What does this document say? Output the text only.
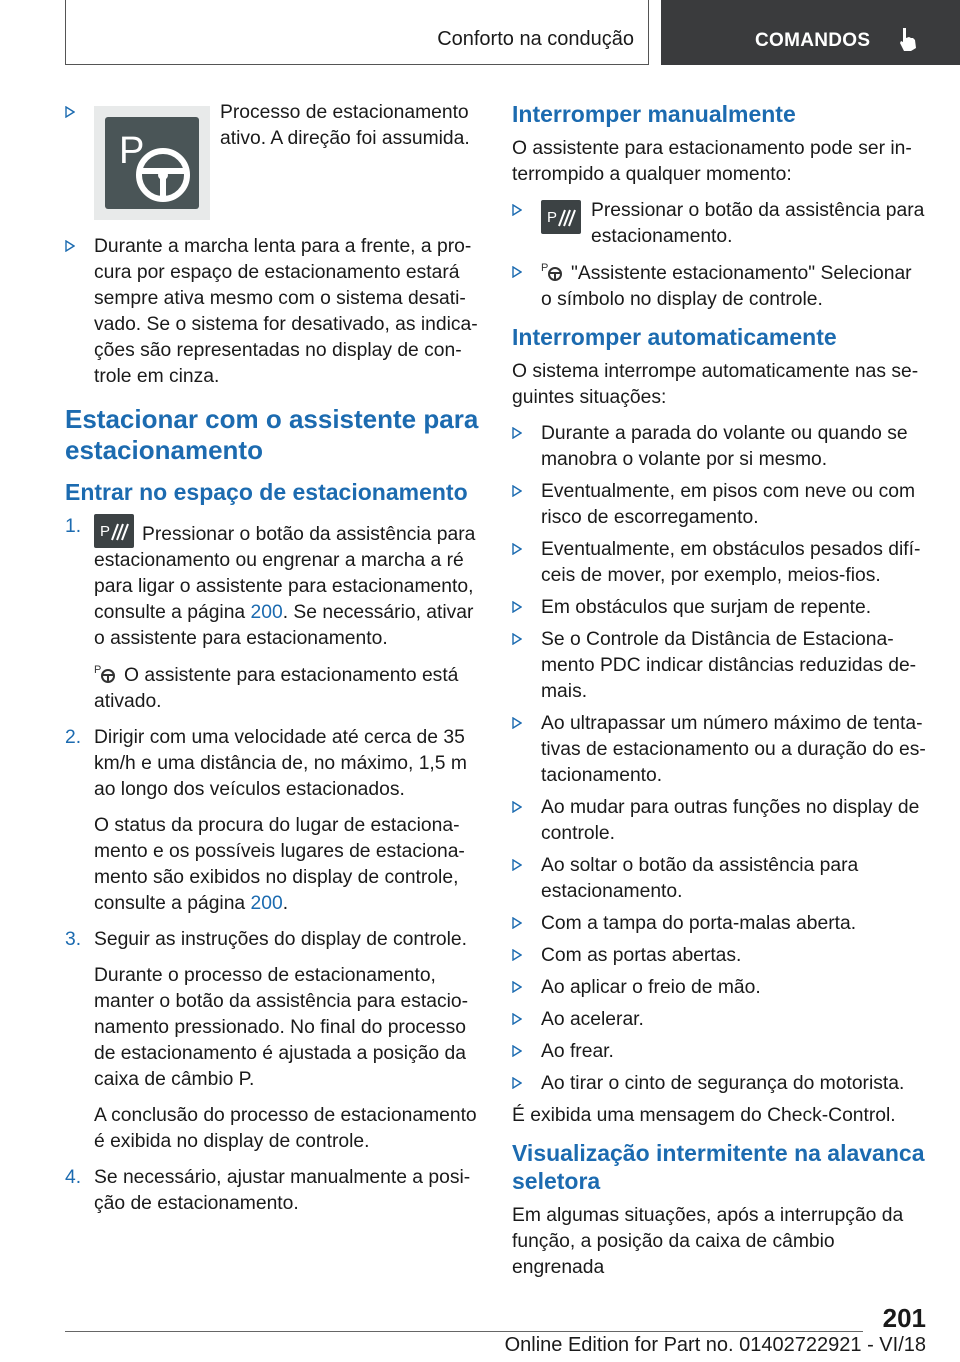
Conforto na condução	COMANDOS
P
Processo de estacionamento ativo. A direção foi assumida.
Durante a marcha lenta para a frente, a procura por espaço de estacionamento estará sempre ativa mesmo com o sistema desativado. Se o sistema for desativado, as indicações são representadas no display de controle em cinza.
Estacionar com o assistente para estacionamento
Entrar no espaço de estacionamento
1. P Pressionar o botão da assistência para estacionamento ou engrenar a marcha a ré para ligar o assistente para estacionamento, consulte a página 200. Se necessário, ativar o assistente para estacionamento.
P O assistente para estacionamento está ativado.
2. Dirigir com uma velocidade até cerca de 35 km/h e uma distância de, no máximo, 1,5 m ao longo dos veículos estacionados.
O status da procura do lugar de estacionamento e os possíveis lugares de estacionamento são exibidos no display de controle, consulte a página 200.
3. Seguir as instruções do display de controle.
Durante o processo de estacionamento, manter o botão da assistência para estacionamento pressionado. No final do processo de estacionamento é ajustada a posição da caixa de câmbio P.
A conclusão do processo de estacionamento é exibida no display de controle.
4. Se necessário, ajustar manualmente a posição de estacionamento.
Interromper manualmente
O assistente para estacionamento pode ser interrompido a qualquer momento:
P Pressionar o botão da assistência para estacionamento.
P "Assistente estacionamento" Selecionar o símbolo no display de controle.
Interromper automaticamente
O sistema interrompe automaticamente nas seguintes situações:
Durante a parada do volante ou quando se manobra o volante por si mesmo.
Eventualmente, em pisos com neve ou com risco de escorregamento.
Eventualmente, em obstáculos pesados difíceis de mover, por exemplo, meios-fios.
Em obstáculos que surjam de repente.
Se o Controle da Distância de Estacionamento PDC indicar distâncias reduzidas demais.
Ao ultrapassar um número máximo de tentativas de estacionamento ou a duração do estacionamento.
Ao mudar para outras funções no display de controle.
Ao soltar o botão da assistência para estacionamento.
Com a tampa do porta-malas aberta.
Com as portas abertas.
Ao aplicar o freio de mão.
Ao acelerar.
Ao frear.
Ao tirar o cinto de segurança do motorista.
É exibida uma mensagem do Check-Control.
Visualização intermitente na alavanca seletora
Em algumas situações, após a interrupção da função, a posição da caixa de câmbio engrenada
201
Online Edition for Part no. 01402722921 - VI/18
